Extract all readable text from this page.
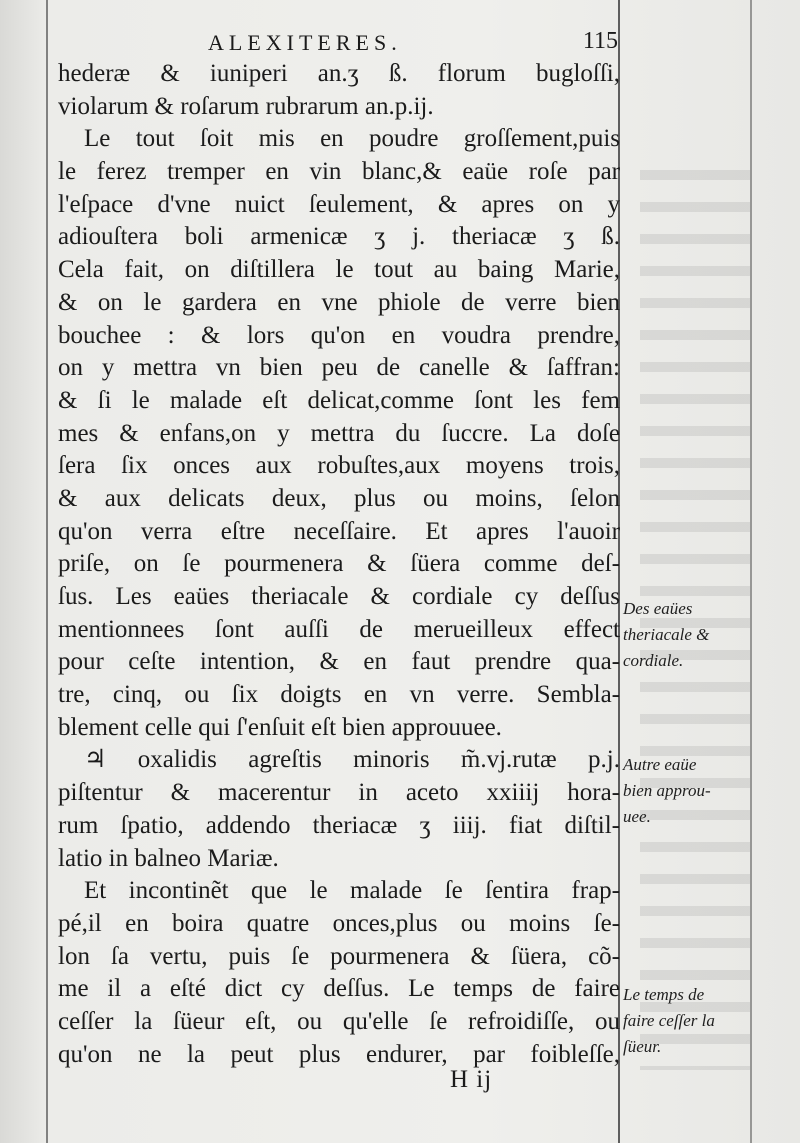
ALEXITERES.	115
hederæ & iuniperi an.ʒ ß. florum bugloſſi,
violarum & roſarum rubrarum an.p.ij.
Le tout ſoit mis en poudre groſſement,puis
le ferez tremper en vin blanc,& eaüe roſe par
l'eſpace d'vne nuict ſeulement, & apres on y
adiouſtera boli armenicæ ʒ j. theriacæ ʒ ß.
Cela fait, on diſtillera le tout au baing Marie,
& on le gardera en vne phiole de verre bien
bouchee : & lors qu'on en voudra prendre,
on y mettra vn bien peu de canelle & ſaffran:
& ſi le malade eſt delicat,comme ſont les fem
mes & enfans,on y mettra du ſuccre. La doſe
ſera ſix onces aux robuſtes,aux moyens trois,
& aux delicats deux, plus ou moins, ſelon
qu'on verra eſtre neceſſaire. Et apres l'auoir
priſe, on ſe pourmenera & ſüera comme deſ-
ſus. Les eaües theriacale & cordiale cy deſſus
mentionnees ſont auſſi de merueilleux effect
pour ceſte intention, & en faut prendre qua-
tre, cinq, ou ſix doigts en vn verre. Sembla-
blement celle qui ſ'enſuit eſt bien approuuee.
♃ oxalidis agreſtis minoris m̃.vj.rutæ p.j.
piſtentur & macerentur in aceto xxiiij hora-
rum ſpatio, addendo theriacæ ʒ iiij. fiat diſtil-
latio in balneo Mariæ.
Et incontinẽt que le malade ſe ſentira frap-
pé,il en boira quatre onces,plus ou moins ſe-
lon ſa vertu, puis ſe pourmenera & ſüera, cõ-
me il a eſté dict cy deſſus. Le temps de faire
ceſſer la ſüeur eſt, ou qu'elle ſe refroidiſſe, ou
qu'on ne la peut plus endurer, par foibleſſe,
Des eaües
theriacale &
cordiale.
Autre eaüe
bien approu-
uee.
Le temps de
faire ceſſer la
ſüeur.
H ij
